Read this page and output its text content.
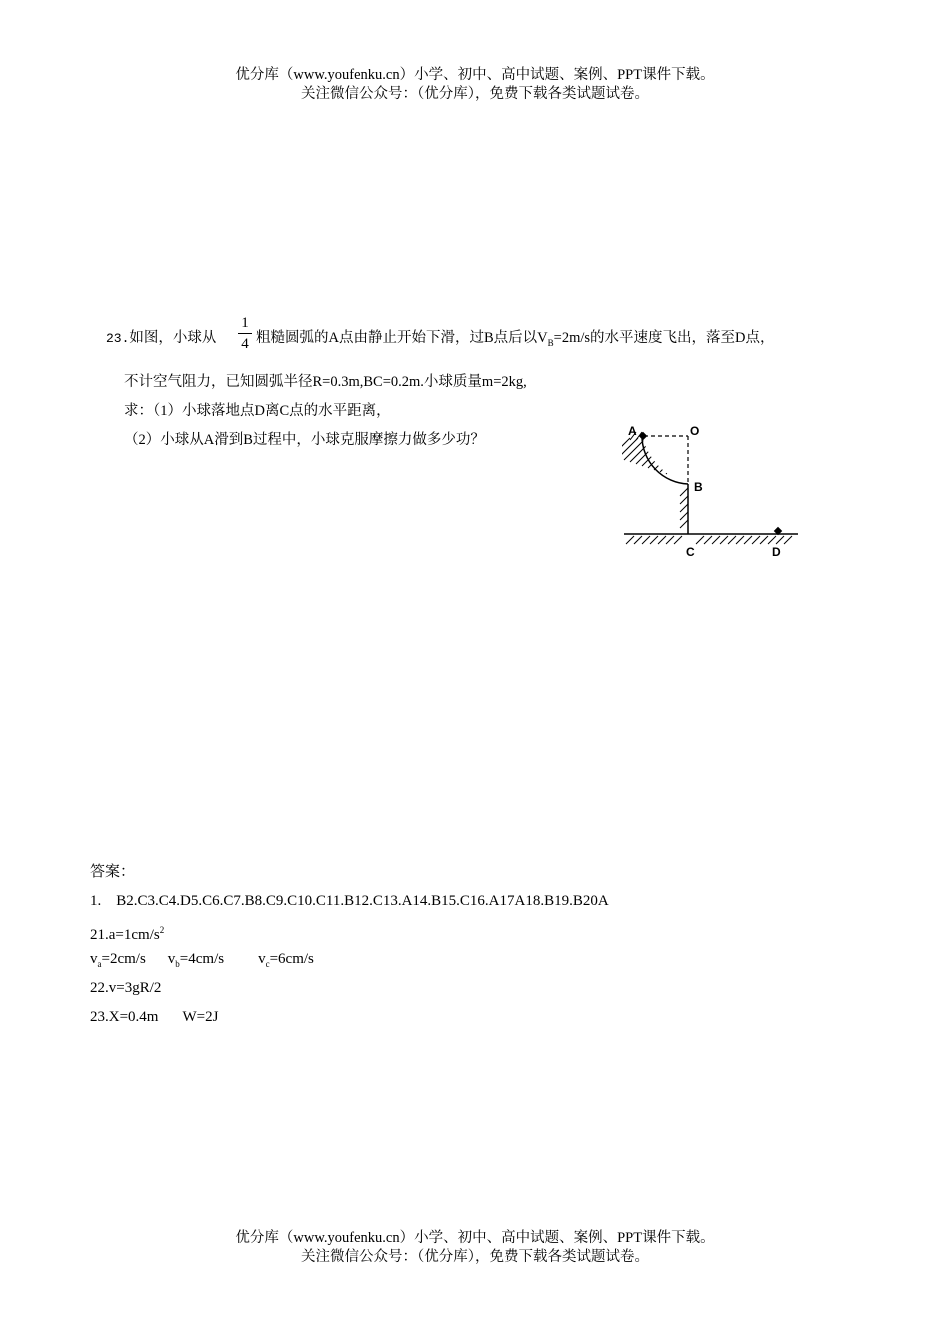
优分库（www.youfenku.cn）小学、初中、高中试题、案例、PPT课件下载。
关注微信公众号：（优分库），免费下载各类试题试卷。
23.如图，小球从
1
4 粗糙圆弧的A点由静止开始下滑，过B点后以$V_B=2m/s$的水平速度飞出，落至D点，
不计空气阻力，已知圆弧半径R=0.3m,BC=0.2m.小球质量m=2kg,
求：（1）小球落地点D离C点的水平距离，
（2）小球从A滑到B过程中，小球克服摩擦力做多少功？
A	O
B
C	D
答案：
1. B2.C3.C4.D5.C6.C7.B8.C9.C10.C11.B12.C13.A14.B15.C16.A17A18.B19.B20A
$21.a=1cm/s^2$
$v_a=2cm/s$ $v_b=4cm/s$ $v_c=6cm/s$
22.v=3gR/2
23.X=0.4m W=2J
优分库（www.youfenku.cn）小学、初中、高中试题、案例、PPT课件下载。
关注微信公众号：（优分库），免费下载各类试题试卷。
